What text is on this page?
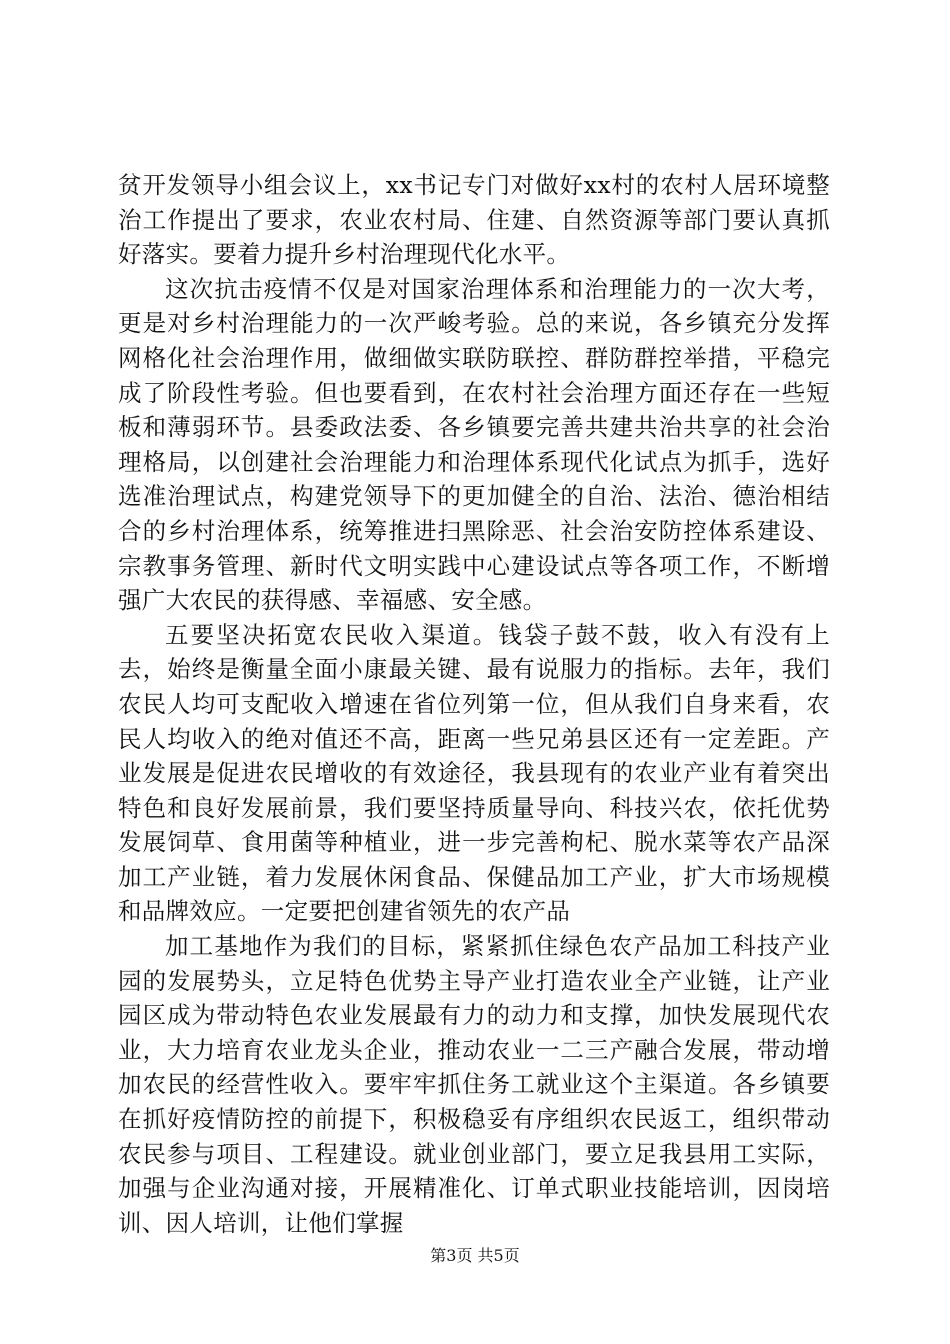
贫开发领导小组会议上，xx书记专门对做好xx村的农村人居环境整治工作提出了要求，农业农村局、住建、自然资源等部门要认真抓好落实。要着力提升乡村治理现代化水平。

这次抗击疫情不仅是对国家治理体系和治理能力的一次大考，更是对乡村治理能力的一次严峻考验。总的来说，各乡镇充分发挥网格化社会治理作用，做细做实联防联控、群防群控举措，平稳完成了阶段性考验。但也要看到，在农村社会治理方面还存在一些短板和薄弱环节。县委政法委、各乡镇要完善共建共治共享的社会治理格局，以创建社会治理能力和治理体系现代化试点为抓手，选好选准治理试点，构建党领导下的更加健全的自治、法治、德治相结合的乡村治理体系，统筹推进扫黑除恶、社会治安防控体系建设、宗教事务管理、新时代文明实践中心建设试点等各项工作，不断增强广大农民的获得感、幸福感、安全感。

五要坚决拓宽农民收入渠道。钱袋子鼓不鼓，收入有没有上去，始终是衡量全面小康最关键、最有说服力的指标。去年，我们农民人均可支配收入增速在省位列第一位，但从我们自身来看，农民人均收入的绝对值还不高，距离一些兄弟县区还有一定差距。产业发展是促进农民增收的有效途径，我县现有的农业产业有着突出特色和良好发展前景，我们要坚持质量导向、科技兴农，依托优势发展饲草、食用菌等种植业，进一步完善枸杞、脱水菜等农产品深加工产业链，着力发展休闲食品、保健品加工产业，扩大市场规模和品牌效应。一定要把创建省领先的农产品

加工基地作为我们的目标，紧紧抓住绿色农产品加工科技产业园的发展势头，立足特色优势主导产业打造农业全产业链，让产业园区成为带动特色农业发展最有力的动力和支撑，加快发展现代农业，大力培育农业龙头企业，推动农业一二三产融合发展，带动增加农民的经营性收入。要牢牢抓住务工就业这个主渠道。各乡镇要在抓好疫情防控的前提下，积极稳妥有序组织农民返工，组织带动农民参与项目、工程建设。就业创业部门，要立足我县用工实际，加强与企业沟通对接，开展精准化、订单式职业技能培训，因岗培训、因人培训，让他们掌握

第3页 共5页
